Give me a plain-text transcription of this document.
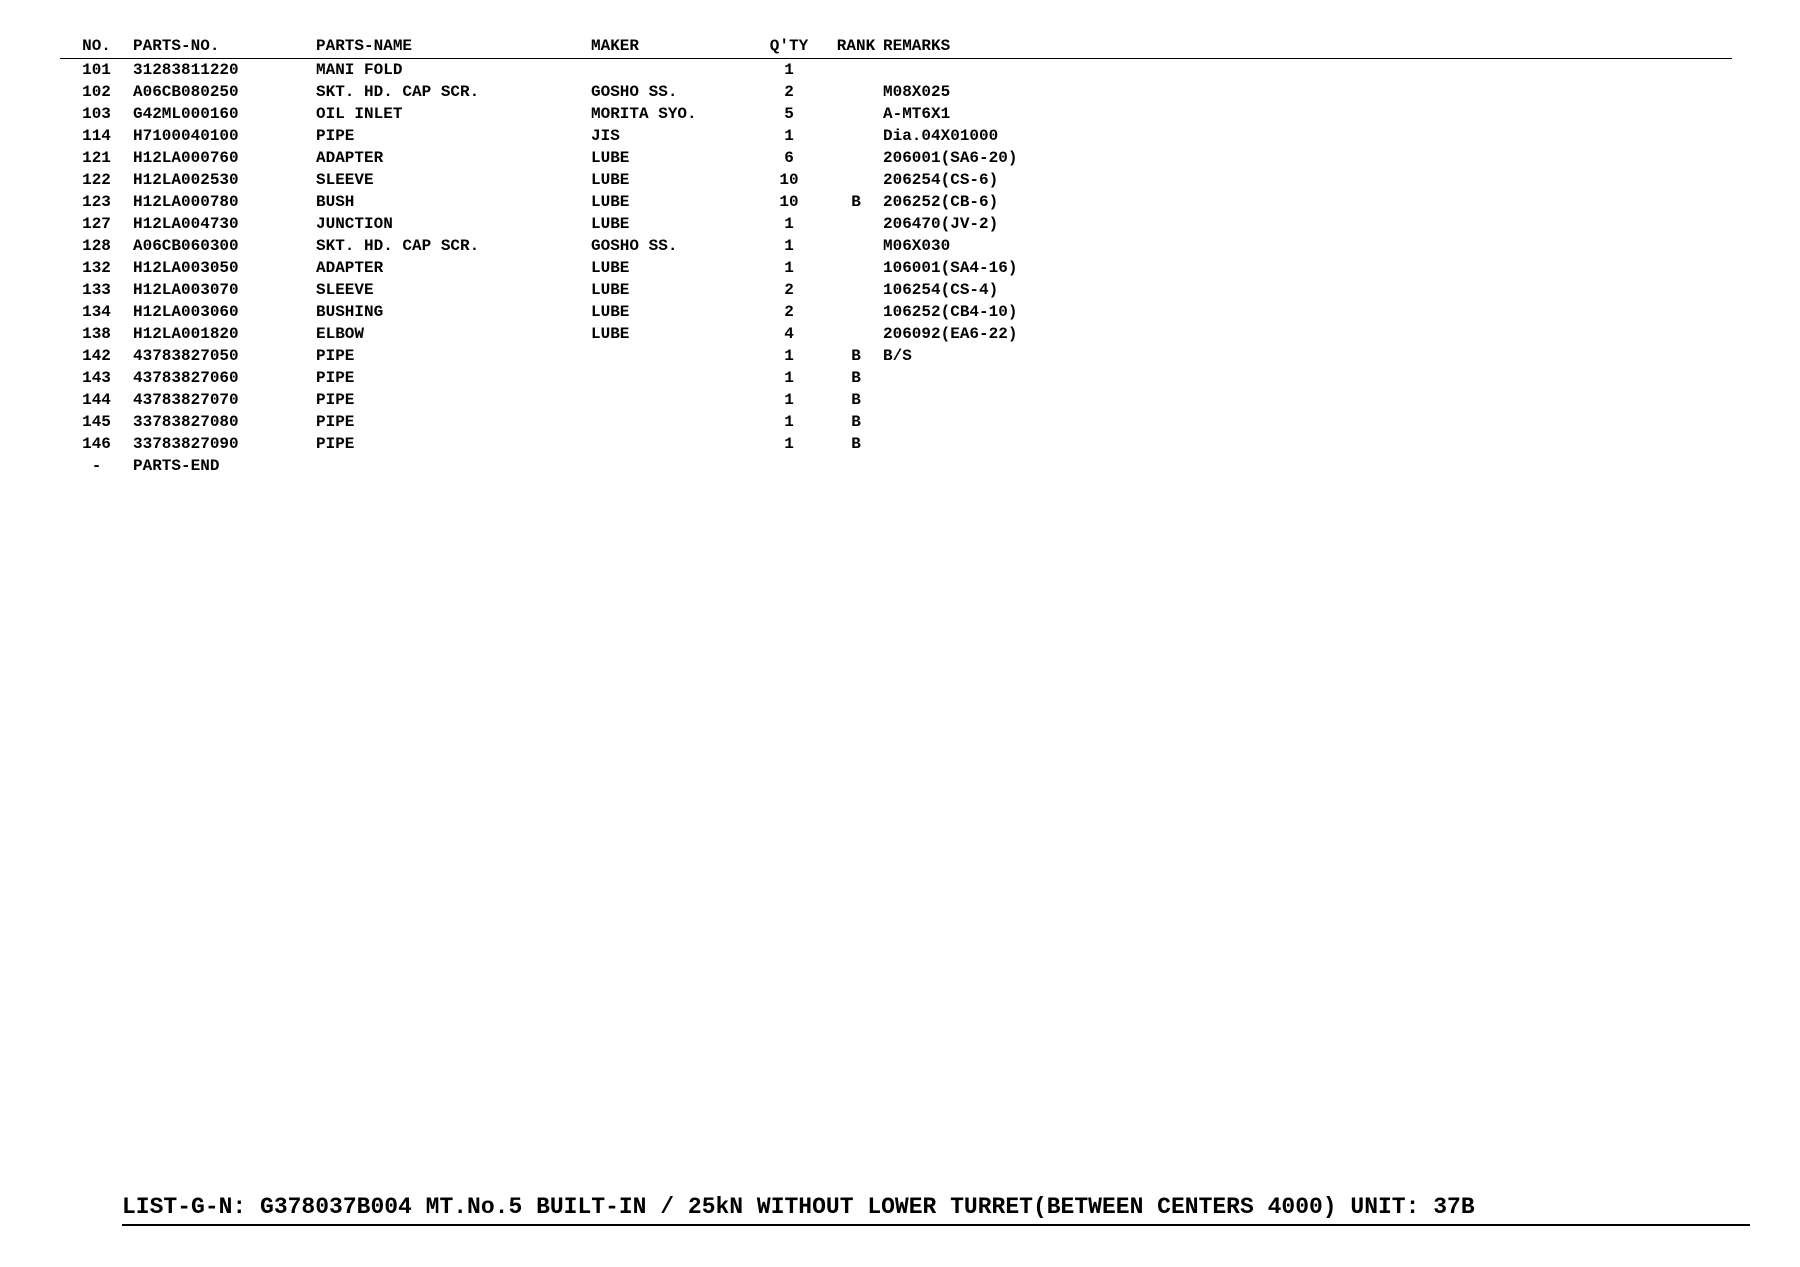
NO.	PARTS-NO.	PARTS-NAME	MAKER	Q'TY	RANK	REMARKS
101	31283811220	MANI FOLD		1		
102	A06CB080250	SKT. HD. CAP SCR.	GOSHO SS.	2		M08X025
103	G42ML000160	OIL INLET	MORITA SYO.	5		A-MT6X1
114	H7100040100	PIPE	JIS	1		Dia.04X01000
121	H12LA000760	ADAPTER	LUBE	6		206001(SA6-20)
122	H12LA002530	SLEEVE	LUBE	10		206254(CS-6)
123	H12LA000780	BUSH	LUBE	10	B	206252(CB-6)
127	H12LA004730	JUNCTION	LUBE	1		206470(JV-2)
128	A06CB060300	SKT. HD. CAP SCR.	GOSHO SS.	1		M06X030
132	H12LA003050	ADAPTER	LUBE	1		106001(SA4-16)
133	H12LA003070	SLEEVE	LUBE	2		106254(CS-4)
134	H12LA003060	BUSHING	LUBE	2		106252(CB4-10)
138	H12LA001820	ELBOW	LUBE	4		206092(EA6-22)
142	43783827050	PIPE		1	B	B/S
143	43783827060	PIPE		1	B	
144	43783827070	PIPE		1	B	
145	33783827080	PIPE		1	B	
146	33783827090	PIPE		1	B	
-	PARTS-END					
LIST-G-N: G378037B004 MT.No.5 BUILT-IN / 25kN WITHOUT LOWER TURRET(BETWEEN CENTERS 4000) UNIT: 37B
